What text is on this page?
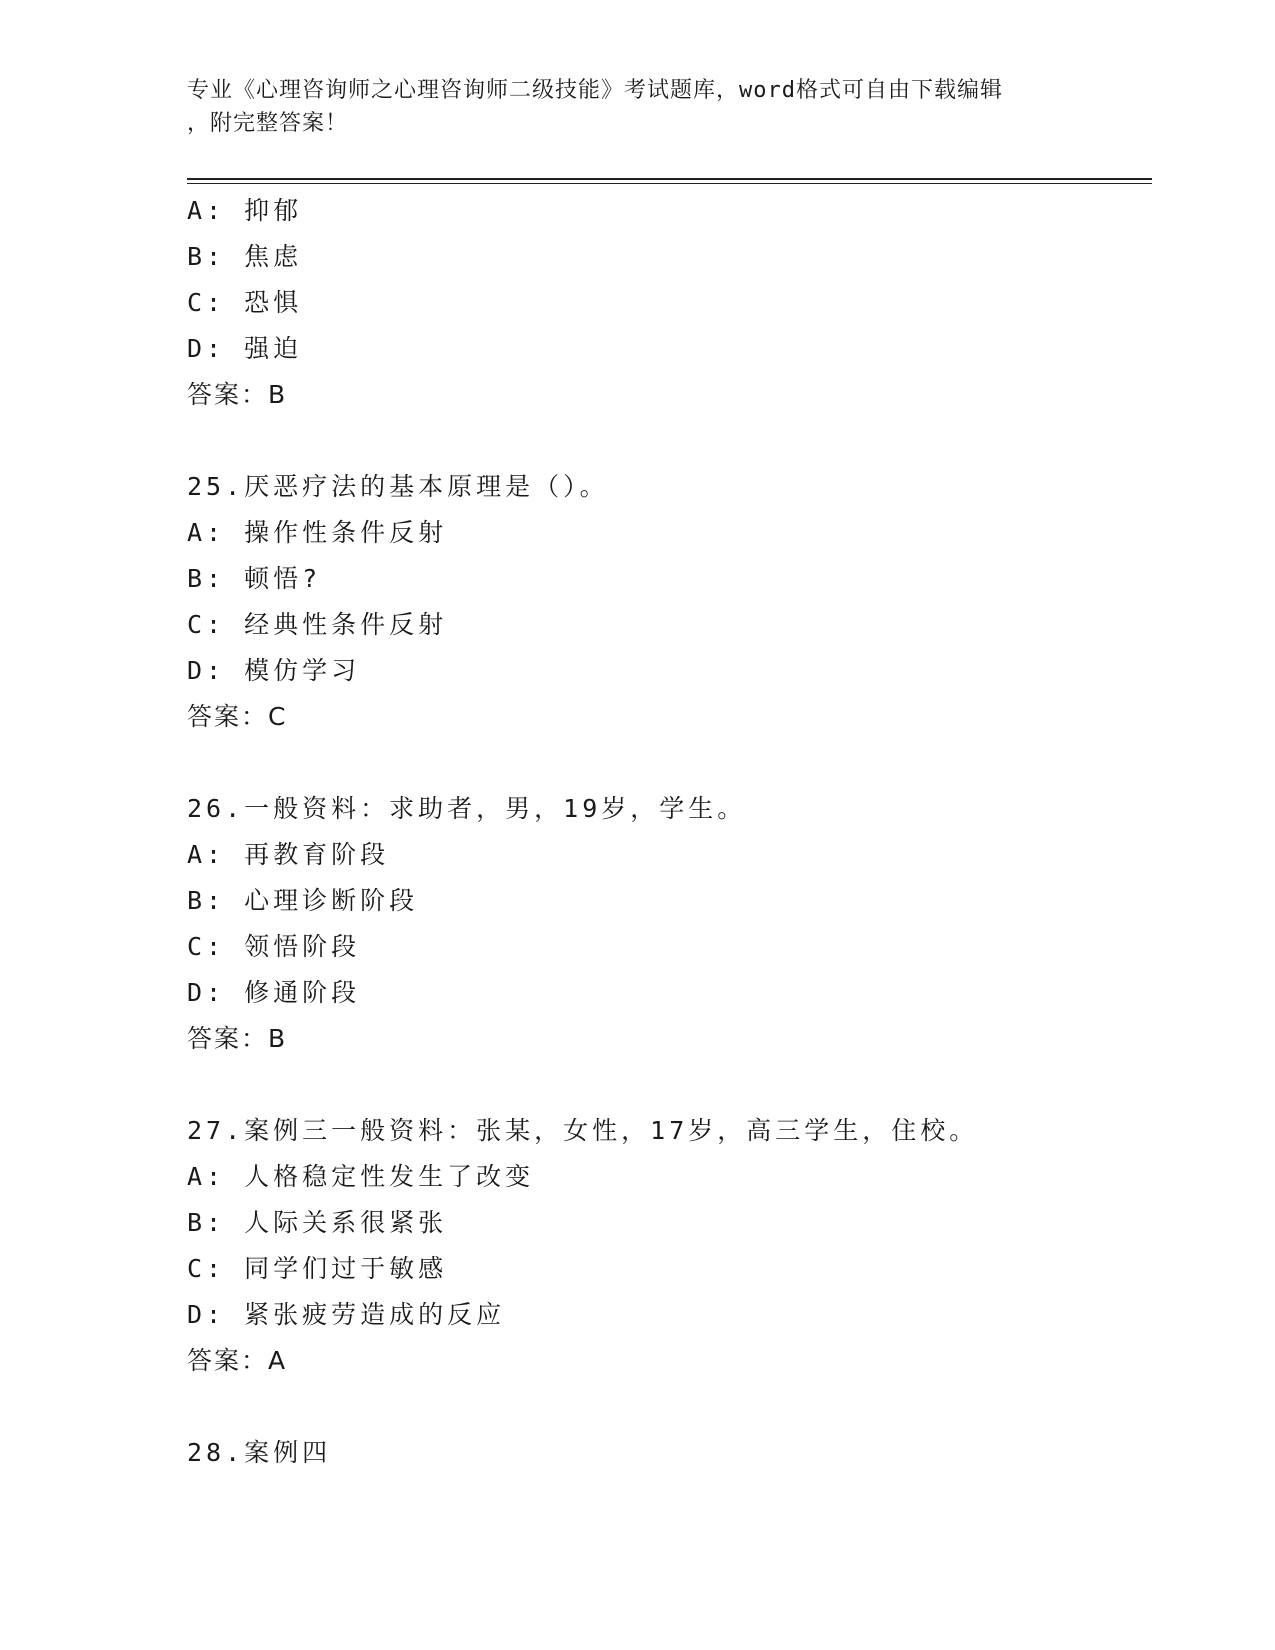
专业《心理咨询师之心理咨询师二级技能》考试题库，word格式可自由下载编辑
，附完整答案！
A: 抑郁
B: 焦虑
C: 恐惧
D: 强迫
答案：B
25.厌恶疗法的基本原理是（）。
A: 操作性条件反射
B: 顿悟?
C: 经典性条件反射
D: 模仿学习
答案：C
26.一般资料：求助者，男，19岁，学生。
A: 再教育阶段
B: 心理诊断阶段
C: 领悟阶段
D: 修通阶段
答案：B
27.案例三一般资料：张某，女性，17岁，高三学生，住校。
A: 人格稳定性发生了改变
B: 人际关系很紧张
C: 同学们过于敏感
D: 紧张疲劳造成的反应
答案：A
28.案例四
